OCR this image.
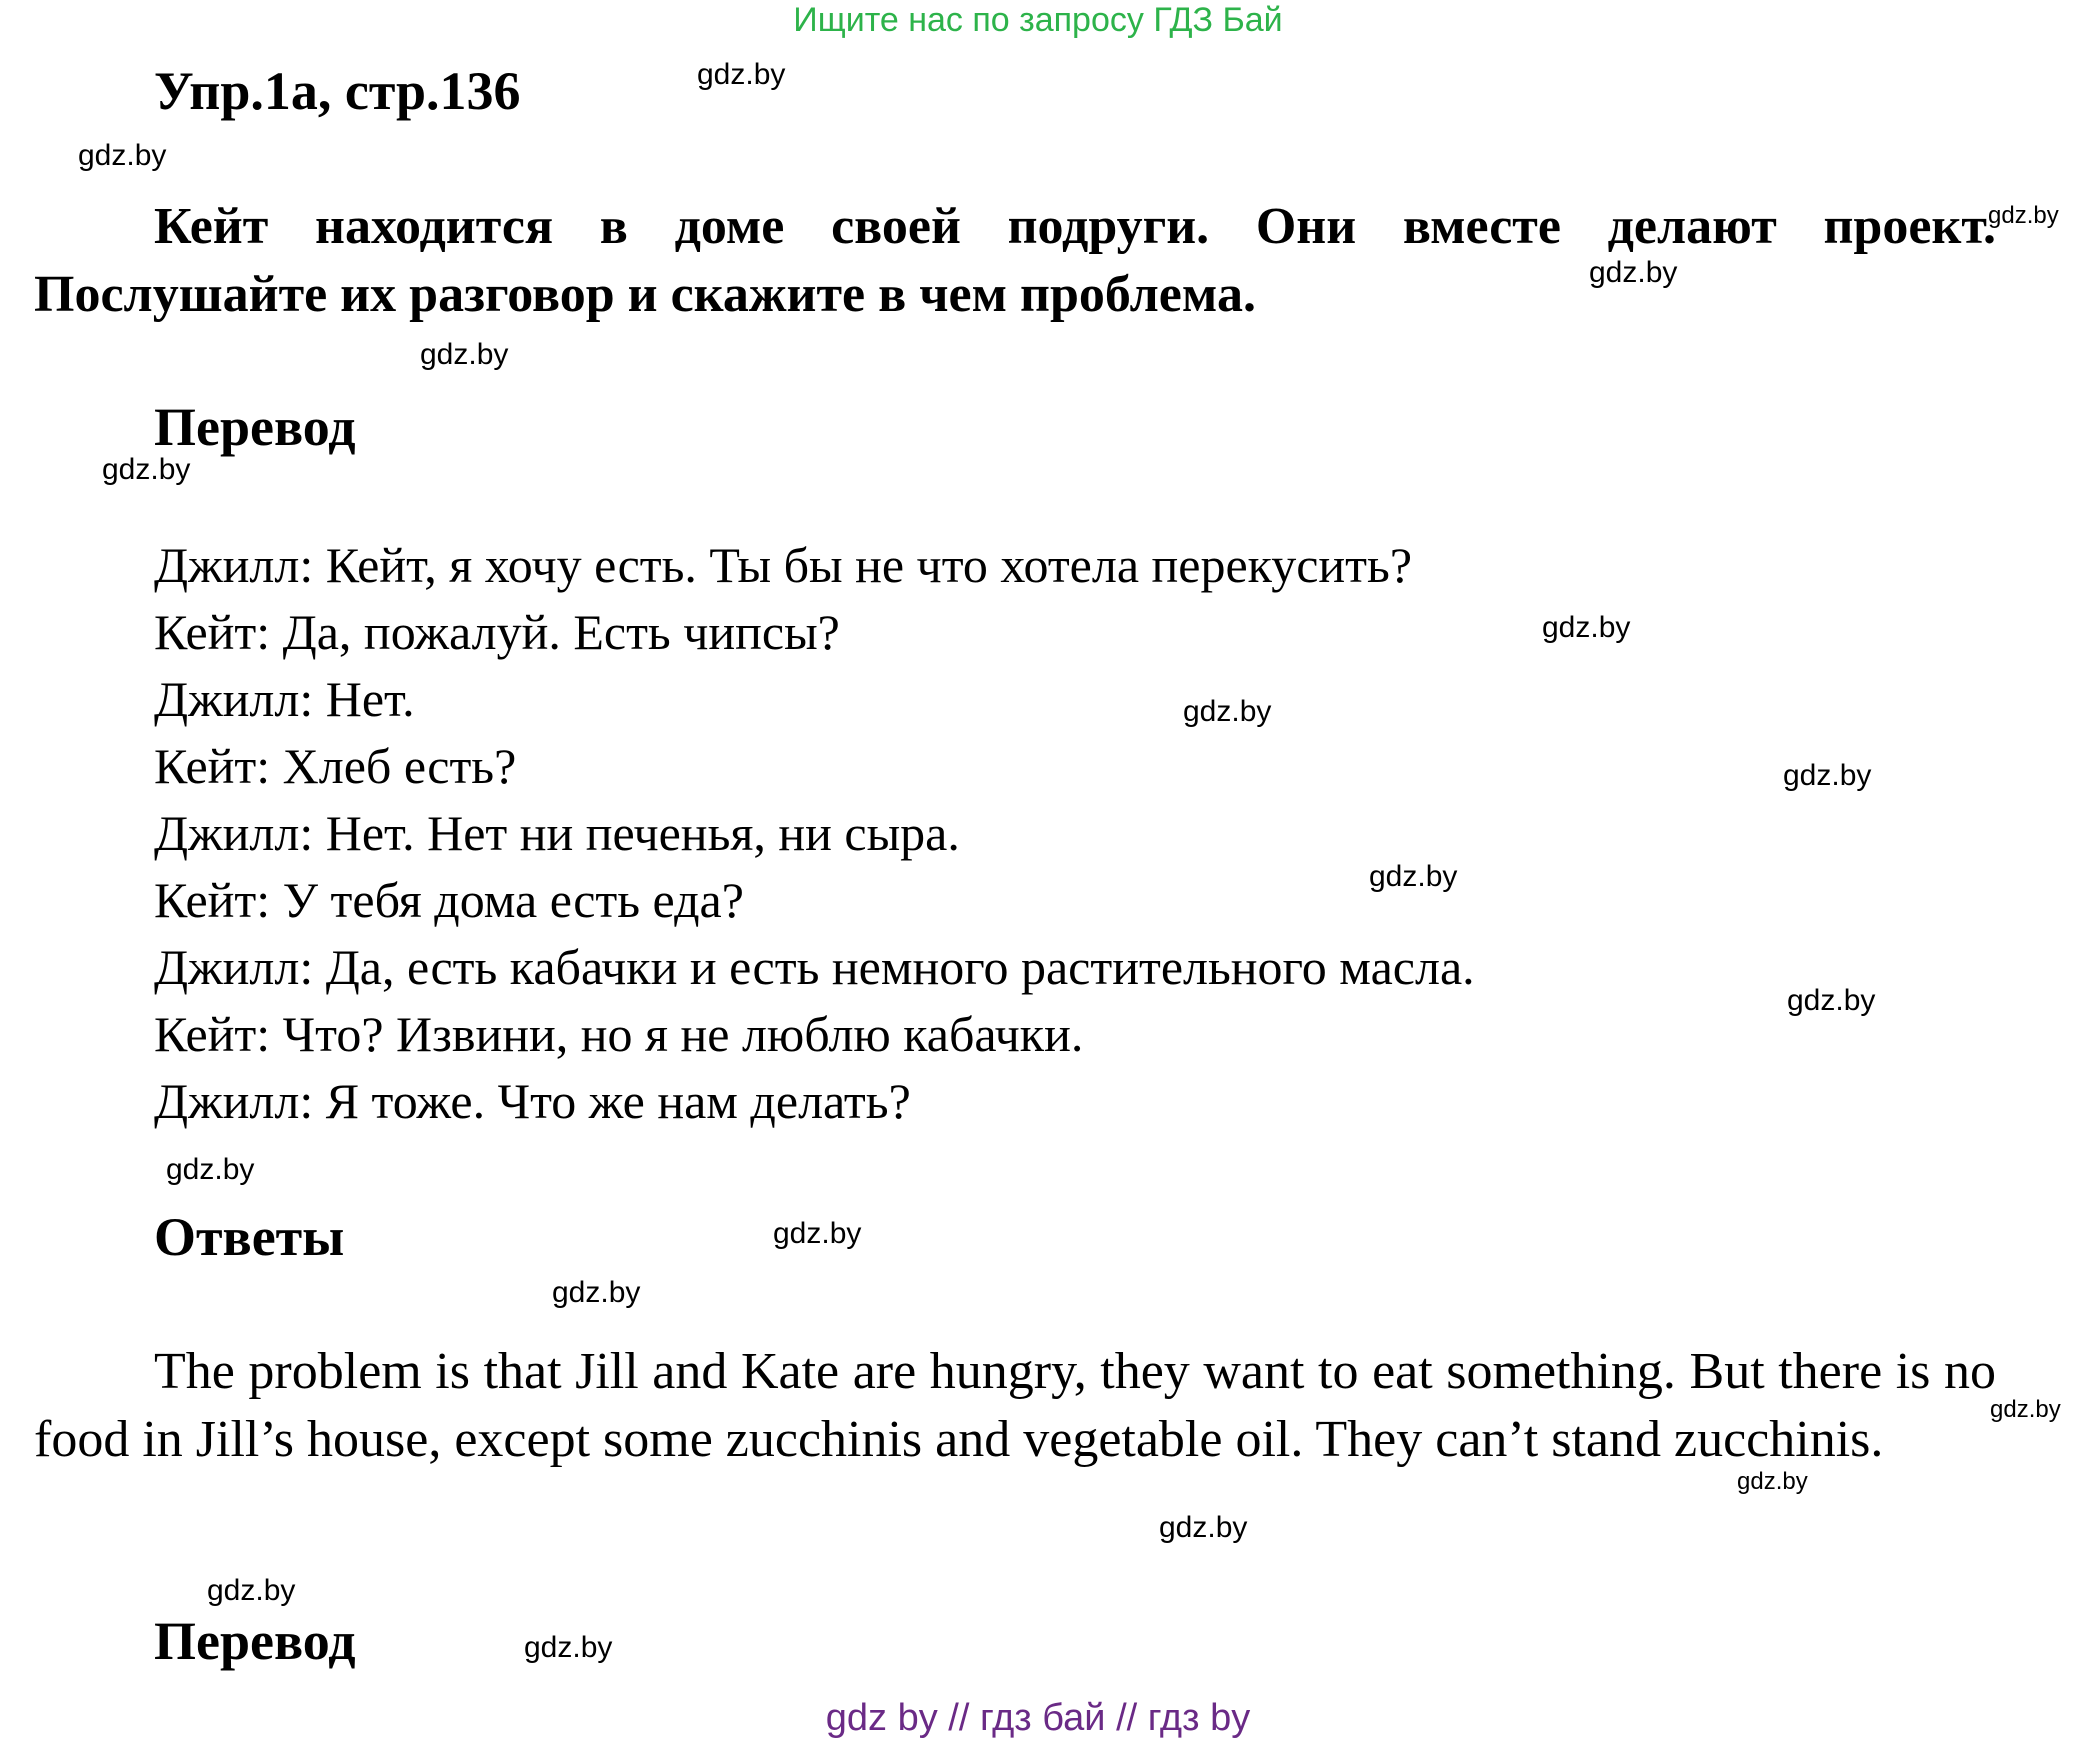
Ищите нас по запросу ГДЗ Бай
Упр.1а, стр.136
Кейт находится в доме своей подруги. Они вместе делают проект. Послушайте их разговор и скажите в чем проблема.
Перевод
Джилл: Кейт, я хочу есть. Ты бы не что хотела перекусить?
Кейт: Да, пожалуй. Есть чипсы?
Джилл: Нет.
Кейт: Хлеб есть?
Джилл: Нет. Нет ни печенья, ни сыра.
Кейт: У тебя дома есть еда?
Джилл: Да, есть кабачки и есть немного растительного масла.
Кейт: Что? Извини, но я не люблю кабачки.
Джилл: Я тоже. Что же нам делать?
Ответы
The problem is that Jill and Kate are hungry, they want to eat something. But there is no food in Jill’s house, except some zucchinis and vegetable oil. They can’t stand zucchinis.
Перевод
gdz.by
gdz.by
gdz.by
gdz.by
gdz.by
gdz.by
gdz.by
gdz.by
gdz.by
gdz.by
gdz.by
gdz.by
gdz.by
gdz.by
gdz.by
gdz.by
gdz.by
gdz.by
gdz.by
gdz by // гдз бай // гдз by
